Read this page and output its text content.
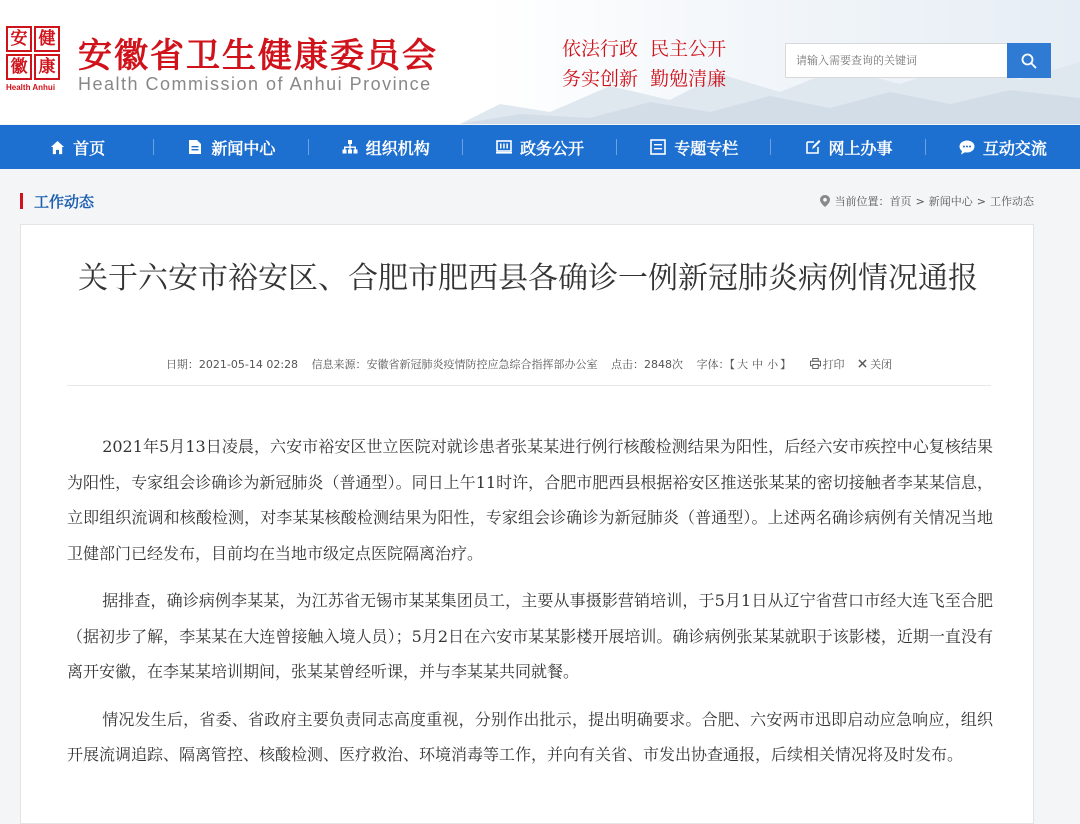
安 健
徽 康
Health Anhui
安徽省卫生健康委员会
Health Commission of Anhui Province
依法行政  民主公开
务实创新  勤勉清廉
请输入需要查询的关键词
首页	新闻中心	组织机构	政务公开	专题专栏	网上办事	互动交流
工作动态	当前位置： 首页 > 新闻中心 > 工作动态
关于六安市裕安区、合肥市肥西县各确诊一例新冠肺炎病例情况通报
日期：2021-05-14 02:28 信息来源：安徽省新冠肺炎疫情防控应急综合指挥部办公室 点击：2848次 字体：【 大 中 小 】	打印 关闭

2021年5月13日凌晨，六安市裕安区世立医院对就诊患者张某某进行例行核酸检测结果为阳性，后经六安市疾控中心复核结果为阳性，专家组会诊确诊为新冠肺炎（普通型）。同日上午11时许，合肥市肥西县根据裕安区推送张某某的密切接触者李某某信息，立即组织流调和核酸检测，对李某某核酸检测结果为阳性，专家组会诊确诊为新冠肺炎（普通型）。上述两名确诊病例有关情况当地卫健部门已经发布，目前均在当地市级定点医院隔离治疗。

据排查，确诊病例李某某，为江苏省无锡市某某集团员工，主要从事摄影营销培训，于5月1日从辽宁省营口市经大连飞至合肥（据初步了解，李某某在大连曾接触入境人员）；5月2日在六安市某某影楼开展培训。确诊病例张某某就职于该影楼，近期一直没有离开安徽，在李某某培训期间，张某某曾经听课，并与李某某共同就餐。

情况发生后，省委、省政府主要负责同志高度重视，分别作出批示，提出明确要求。合肥、六安两市迅即启动应急响应，组织开展流调追踪、隔离管控、核酸检测、医疗救治、环境消毒等工作，并向有关省、市发出协查通报，后续相关情况将及时发布。
